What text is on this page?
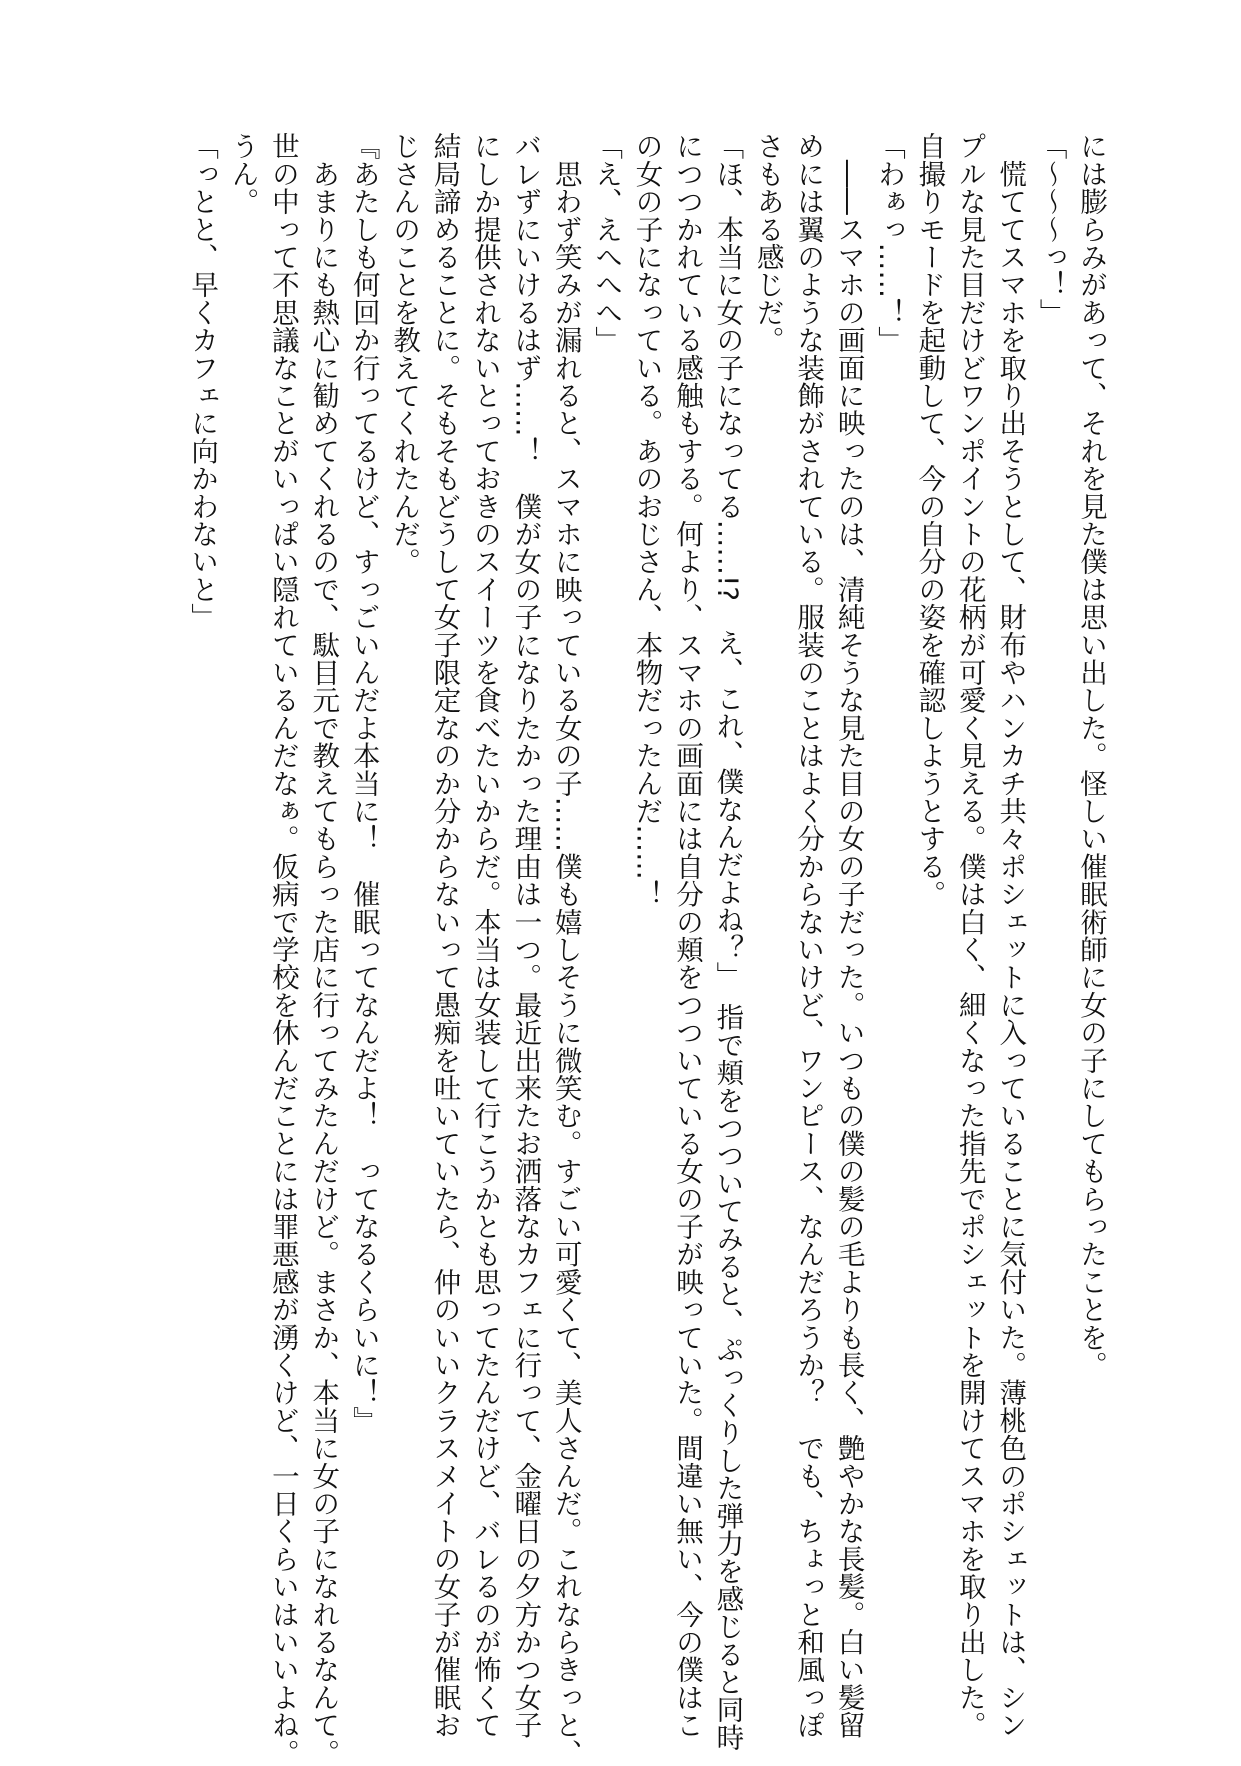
には膨らみがあって、それを見た僕は思い出した。怪しい催眠術師に女の子にしてもらったことを。
「～～～っ！」
　慌ててスマホを取り出そうとして、財布やハンカチ共々ポシェットに入っていることに気付いた。薄桃色のポシェットは、シン
プルな見た目だけどワンポイントの花柄が可愛く見える。僕は白く、細くなった指先でポシェットを開けてスマホを取り出した。
自撮りモードを起動して、今の自分の姿を確認しようとする。
「わぁっ……！」
　――スマホの画面に映ったのは、清純そうな見た目の女の子だった。いつもの僕の髪の毛よりも長く、艶やかな長髪。白い髪留
めには翼のような装飾がされている。服装のことはよく分からないけど、ワンピース、なんだろうか？　でも、ちょっと和風っぽ
さもある感じだ。
「ほ、本当に女の子になってる……!?　え、これ、僕なんだよね？」　指で頬をつついてみると、ぷっくりした弾力を感じると同時
につつかれている感触もする。何より、スマホの画面には自分の頬をつついている女の子が映っていた。間違い無い、今の僕はこ
の女の子になっている。あのおじさん、本物だったんだ……！
「え、えへへへ」
　思わず笑みが漏れると、スマホに映っている女の子……僕も嬉しそうに微笑む。すごい可愛くて、美人さんだ。これならきっと、
バレずにいけるはず……！　僕が女の子になりたかった理由は一つ。最近出来たお洒落なカフェに行って、金曜日の夕方かつ女子
にしか提供されないとっておきのスイーツを食べたいからだ。本当は女装して行こうかとも思ってたんだけど、バレるのが怖くて
結局諦めることに。そもそもどうして女子限定なのか分からないって愚痴を吐いていたら、仲のいいクラスメイトの女子が催眠お
じさんのことを教えてくれたんだ。
『あたしも何回か行ってるけど、すっごいんだよ本当に！　催眠ってなんだよ！　ってなるくらいに！』
　あまりにも熱心に勧めてくれるので、駄目元で教えてもらった店に行ってみたんだけど。まさか、本当に女の子になれるなんて。
世の中って不思議なことがいっぱい隠れているんだなぁ。仮病で学校を休んだことには罪悪感が湧くけど、一日くらいはいいよね。
うん。
「っとと、早くカフェに向かわないと」
